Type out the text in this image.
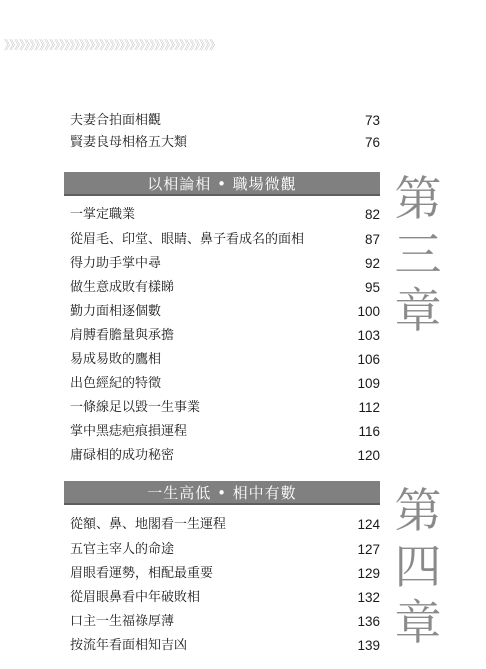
》》》》》》》》》》》》》》》》》》》》》》》》》》》》》》》》》》》》》》》》》》
夫妻合拍面相觀	73
賢妻良母相格五大類	76
以相論相 • 職場微觀	第
三
章
一掌定職業	82
從眉毛、印堂、眼睛、鼻子看成名的面相	87
得力助手掌中尋	92
做生意成敗有樣睇	95
勤力面相逐個數	100
肩膊看膽量與承擔	103
易成易敗的鷹相	106
出色經紀的特徵	109
一條線足以毀一生事業	112
掌中黑痣疤痕損運程	116
庸碌相的成功秘密	120
一生高低 • 相中有數	第
四
章
從額、鼻、地閣看一生運程	124
五官主宰人的命途	127
眉眼看運勢，相配最重要	129
從眉眼鼻看中年破敗相	132
口主一生福祿厚薄	136
按流年看面相知吉凶	139
